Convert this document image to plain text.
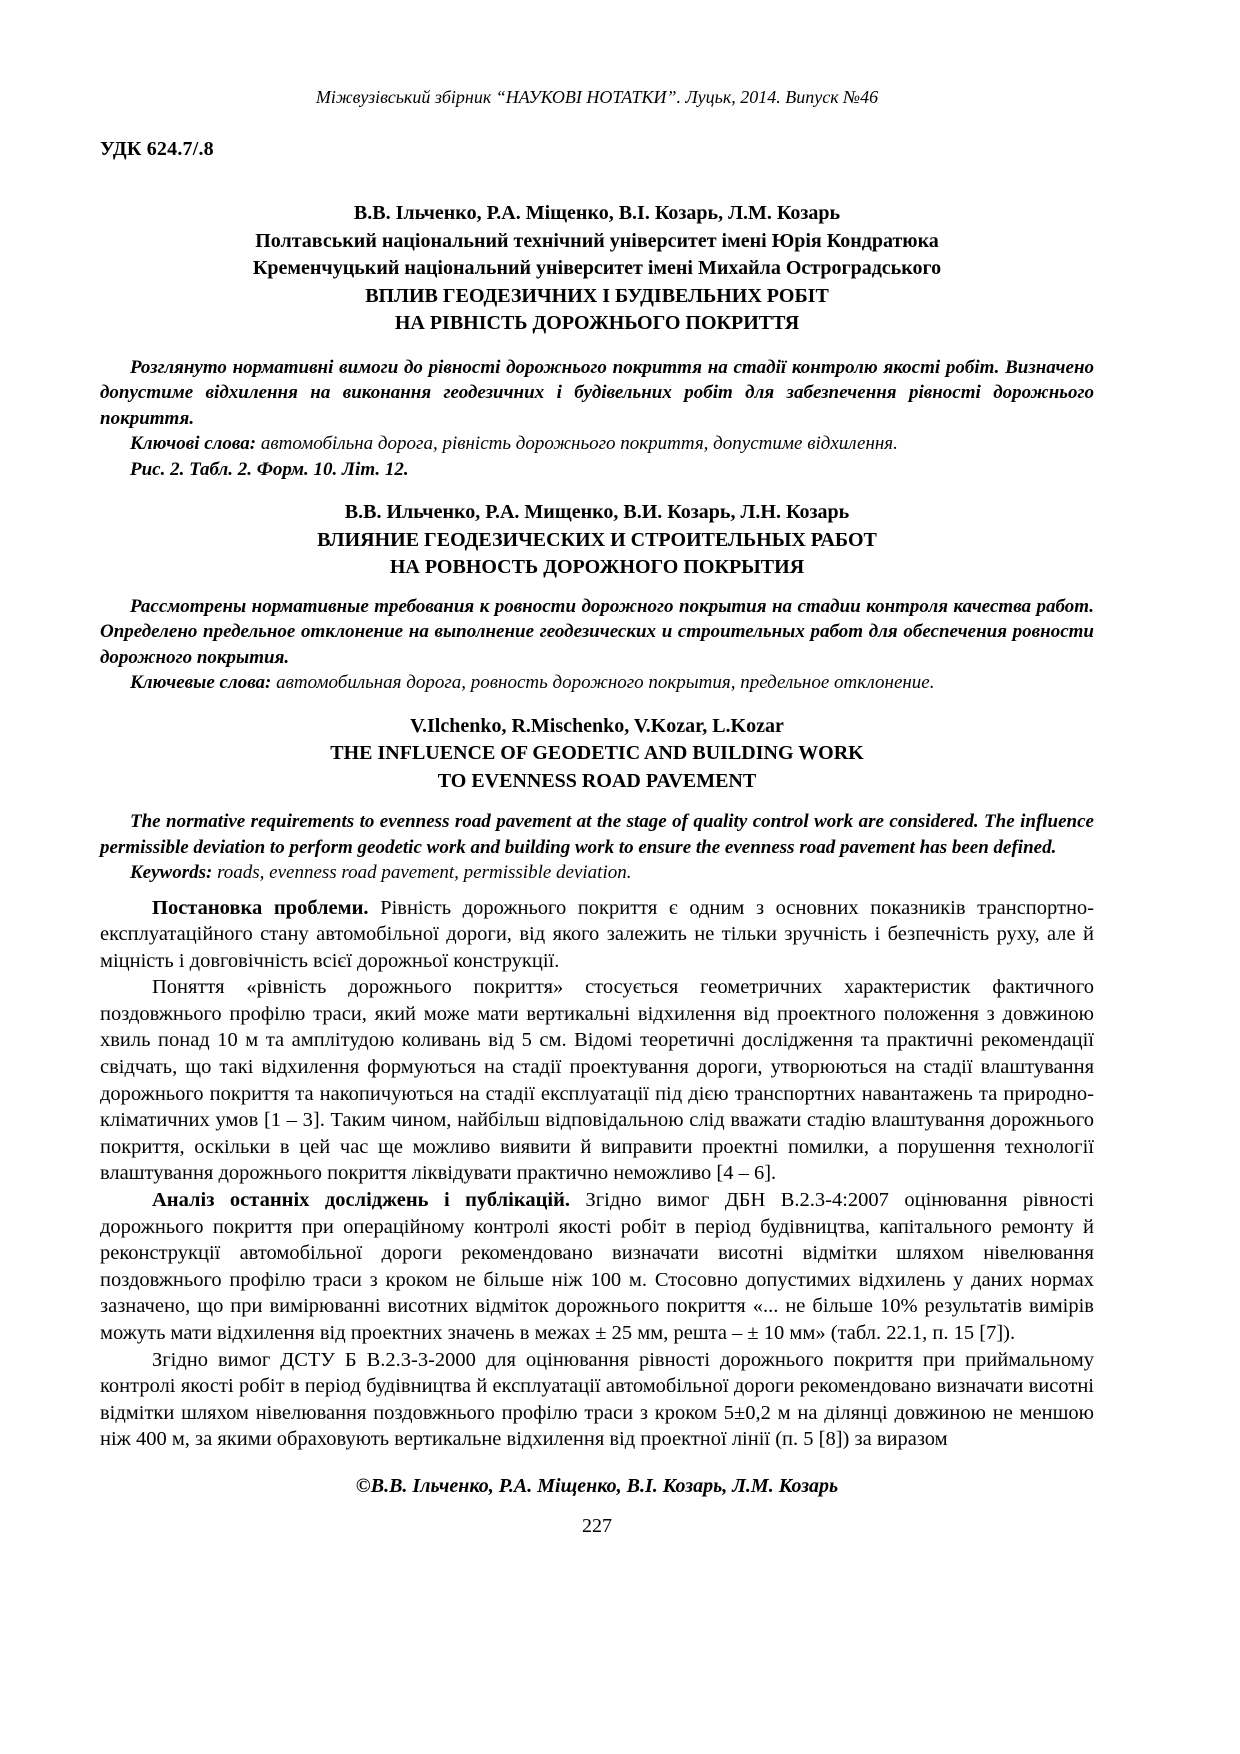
Міжвузівський збірник “НАУКОВІ НОТАТКИ”. Луцьк, 2014. Випуск №46
УДК 624.7/.8
В.В. Ільченко, Р.А. Міщенко, В.І. Козарь, Л.М. Козарь
Полтавський національний технічний університет імені Юрія Кондратюка
Кременчуцький національний університет імені Михайла Остроградського
ВПЛИВ ГЕОДЕЗИЧНИХ І БУДІВЕЛЬНИХ РОБІТ
НА РІВНІСТЬ ДОРОЖНЬОГО ПОКРИТТЯ

Розглянуто нормативні вимоги до рівності дорожнього покриття на стадії контролю якості робіт. Визначено допустиме відхилення на виконання геодезичних і будівельних робіт для забезпечення рівності дорожнього покриття.

Ключові слова: автомобільна дорога, рівність дорожнього покриття, допустиме відхилення.

Рис. 2. Табл. 2. Форм. 10. Літ. 12.

В.В. Ильченко, Р.А. Мищенко, В.И. Козарь, Л.Н. Козарь
ВЛИЯНИЕ ГЕОДЕЗИЧЕСКИХ И СТРОИТЕЛЬНЫХ РАБОТ
НА РОВНОСТЬ ДОРОЖНОГО ПОКРЫТИЯ

Рассмотрены нормативные требования к ровности дорожного покрытия на стадии контроля качества работ. Определено предельное отклонение на выполнение геодезических и строительных работ для обеспечения ровности дорожного покрытия.

Ключевые слова: автомобильная дорога, ровность дорожного покрытия, предельное отклонение.

V.Ilchenko, R.Mischenko, V.Kozar, L.Kozar
THE INFLUENCE OF GEODETIC AND BUILDING WORK
TO EVENNESS ROAD PAVEMENT

The normative requirements to evenness road pavement at the stage of quality control work are considered. The influence permissible deviation to perform geodetic work and building work to ensure the evenness road pavement has been defined.

Keywords: roads, evenness road pavement, permissible deviation.

Постановка проблеми. Рівність дорожнього покриття є одним з основних показників транспортно-експлуатаційного стану автомобільної дороги, від якого залежить не тільки зручність і безпечність руху, але й міцність і довговічність всієї дорожньої конструкції.

Поняття «рівність дорожнього покриття» стосується геометричних характеристик фактичного поздовжнього профілю траси, який може мати вертикальні відхилення від проектного положення з довжиною хвиль понад 10 м та амплітудою коливань від 5 см. Відомі теоретичні дослідження та практичні рекомендації свідчать, що такі відхилення формуються на стадії проектування дороги, утворюються на стадії влаштування дорожнього покриття та накопичуються на стадії експлуатації під дією транспортних навантажень та природно-кліматичних умов [1 – 3]. Таким чином, найбільш відповідальною слід вважати стадію влаштування дорожнього покриття, оскільки в цей час ще можливо виявити й виправити проектні помилки, а порушення технології влаштування дорожнього покриття ліквідувати практично неможливо [4 – 6].

Аналіз останніх досліджень і публікацій. Згідно вимог ДБН В.2.3-4:2007 оцінювання рівності дорожнього покриття при операційному контролі якості робіт в період будівництва, капітального ремонту й реконструкції автомобільної дороги рекомендовано визначати висотні відмітки шляхом нівелювання поздовжнього профілю траси з кроком не більше ніж 100 м. Стосовно допустимих відхилень у даних нормах зазначено, що при вимірюванні висотних відміток дорожнього покриття «... не більше 10% результатів вимірів можуть мати відхилення від проектних значень в межах ± 25 мм, решта – ± 10 мм» (табл. 22.1, п. 15 [7]).

Згідно вимог ДСТУ Б В.2.3-3-2000 для оцінювання рівності дорожнього покриття при приймальному контролі якості робіт в період будівництва й експлуатації автомобільної дороги рекомендовано визначати висотні відмітки шляхом нівелювання поздовжнього профілю траси з кроком 5±0,2 м на ділянці довжиною не меншою ніж 400 м, за якими обраховують вертикальне відхилення від проектної лінії (п. 5 [8]) за виразом

©В.В. Ільченко, Р.А. Міщенко, В.І. Козарь, Л.М. Козарь
227
